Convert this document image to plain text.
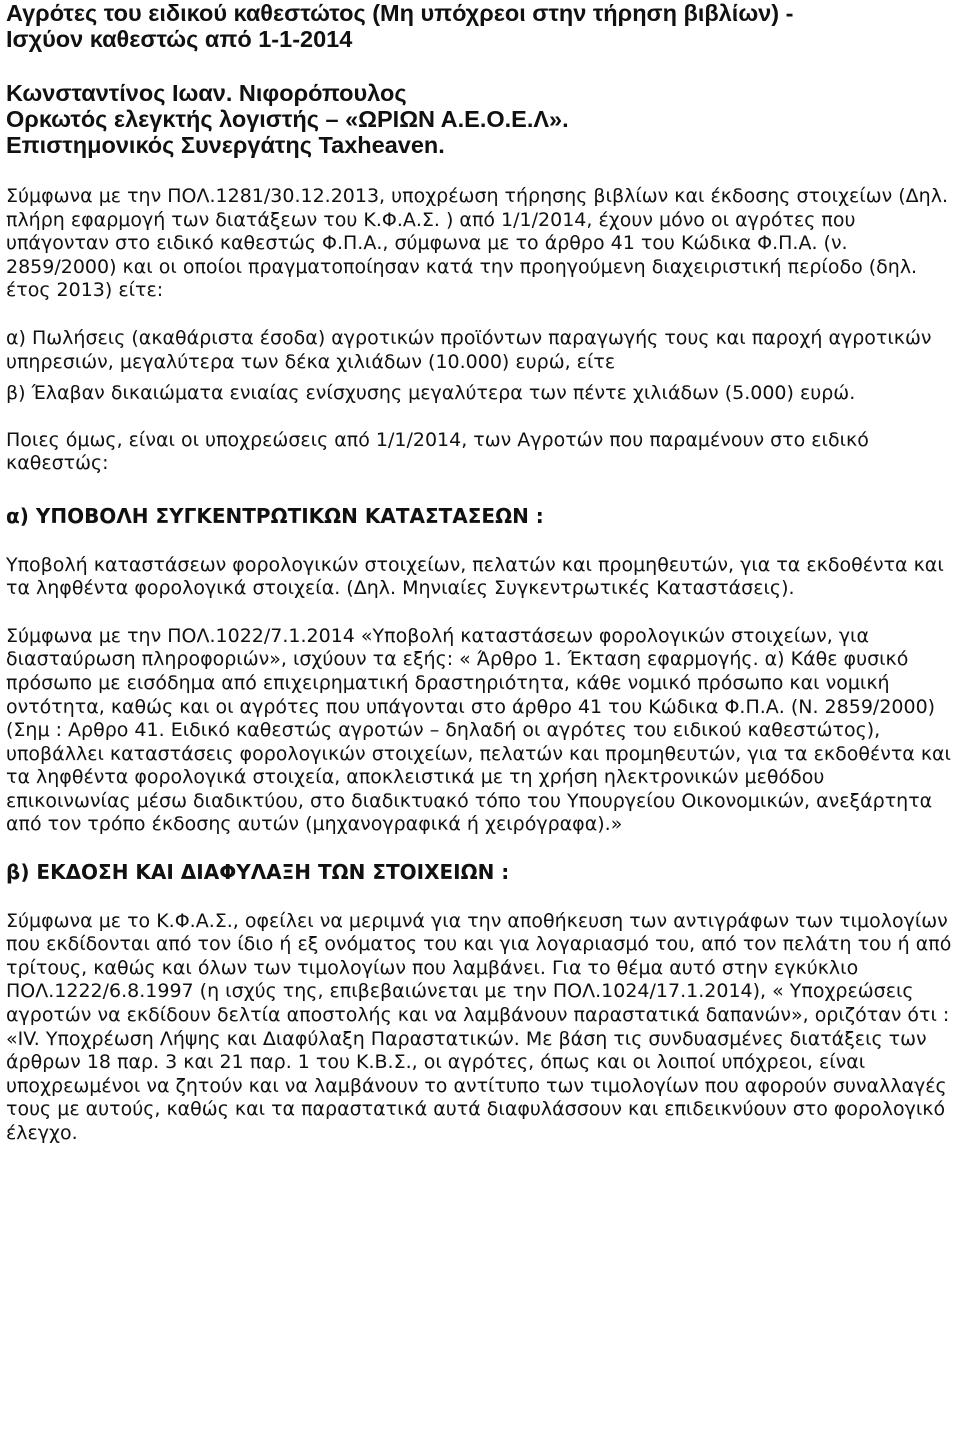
Αγρότες του ειδικού καθεστώτος (Μη υπόχρεοι στην τήρηση βιβλίων) -
Ισχύον καθεστώς από 1-1-2014
Κωνσταντίνος Ιωαν. Νιφορόπουλος
Ορκωτός ελεγκτής λογιστής – «ΩΡΙΩΝ Α.Ε.Ο.Ε.Λ».
Επιστημονικός Συνεργάτης Taxheaven.

Σύμφωνα με την ΠΟΛ.1281/30.12.2013, υποχρέωση τήρησης βιβλίων και έκδοσης στοιχείων (Δηλ. πλήρη εφαρμογή των διατάξεων του Κ.Φ.Α.Σ. ) από 1/1/2014, έχουν μόνο οι αγρότες που υπάγονταν στο ειδικό καθεστώς Φ.Π.Α., σύμφωνα με το άρθρο 41 του Κώδικα Φ.Π.Α. (ν. 2859/2000) και οι οποίοι πραγματοποίησαν κατά την προηγούμενη διαχειριστική περίοδο (δηλ. έτος 2013) είτε:

α) Πωλήσεις (ακαθάριστα έσοδα) αγροτικών προϊόντων παραγωγής τους και παροχή αγροτικών υπηρεσιών, μεγαλύτερα των δέκα χιλιάδων (10.000) ευρώ, είτε

β) Έλαβαν δικαιώματα ενιαίας ενίσχυσης μεγαλύτερα των πέντε χιλιάδων (5.000) ευρώ.

Ποιες όμως, είναι οι υποχρεώσεις από 1/1/2014, των Αγροτών που παραμένουν στο ειδικό καθεστώς:

α) ΥΠΟΒΟΛΗ ΣΥΓΚΕΝΤΡΩΤΙΚΩΝ ΚΑΤΑΣΤΑΣΕΩΝ :

Υποβολή καταστάσεων φορολογικών στοιχείων, πελατών και προμηθευτών, για τα εκδοθέντα και τα ληφθέντα φορολογικά στοιχεία. (Δηλ. Μηνιαίες Συγκεντρωτικές Καταστάσεις).

Σύμφωνα με την ΠΟΛ.1022/7.1.2014 «Υποβολή καταστάσεων φορολογικών στοιχείων, για διασταύρωση πληροφοριών», ισχύουν τα εξής: « Άρθρο 1. Έκταση εφαρμογής. α) Κάθε φυσικό πρόσωπο με εισόδημα από επιχειρηματική δραστηριότητα, κάθε νομικό πρόσωπο και νομική οντότητα, καθώς και οι αγρότες που υπάγονται στο άρθρο 41 του Κώδικα Φ.Π.Α. (Ν. 2859/2000) (Σημ : Αρθρο 41. Ειδικό καθεστώς αγροτών – δηλαδή οι αγρότες του ειδικού καθεστώτος), υποβάλλει καταστάσεις φορολογικών στοιχείων, πελατών και προμηθευτών, για τα εκδοθέντα και τα ληφθέντα φορολογικά στοιχεία, αποκλειστικά με τη χρήση ηλεκτρονικών μεθόδου επικοινωνίας μέσω διαδικτύου, στο διαδικτυακό τόπο του Υπουργείου Οικονομικών, ανεξάρτητα από τον τρόπο έκδοσης αυτών (μηχανογραφικά ή χειρόγραφα).»

β) ΕΚΔΟΣΗ ΚΑΙ ΔΙΑΦΥΛΑΞΗ ΤΩΝ ΣΤΟΙΧΕΙΩΝ :

Σύμφωνα με το Κ.Φ.Α.Σ., οφείλει να μεριμνά για την αποθήκευση των αντιγράφων των τιμολογίων που εκδίδονται από τον ίδιο ή εξ ονόματος του και για λογαριασμό του, από τον πελάτη του ή από τρίτους, καθώς και όλων των τιμολογίων που λαμβάνει. Για το θέμα αυτό στην εγκύκλιο ΠΟΛ.1222/6.8.1997 (η ισχύς της, επιβεβαιώνεται με την ΠΟΛ.1024/17.1.2014), « Υποχρεώσεις αγροτών να εκδίδουν δελτία αποστολής και να λαμβάνουν παραστατικά δαπανών», οριζόταν ότι : «IV. Υποχρέωση Λήψης και Διαφύλαξη Παραστατικών. Με βάση τις συνδυασμένες διατάξεις των άρθρων 18 παρ. 3 και 21 παρ. 1 του Κ.Β.Σ., οι αγρότες, όπως και οι λοιποί υπόχρεοι, είναι υποχρεωμένοι να ζητούν και να λαμβάνουν το αντίτυπο των τιμολογίων που αφορούν συναλλαγές τους με αυτούς, καθώς και τα παραστατικά αυτά διαφυλάσσουν και επιδεικνύουν στο φορολογικό έλεγχο.
